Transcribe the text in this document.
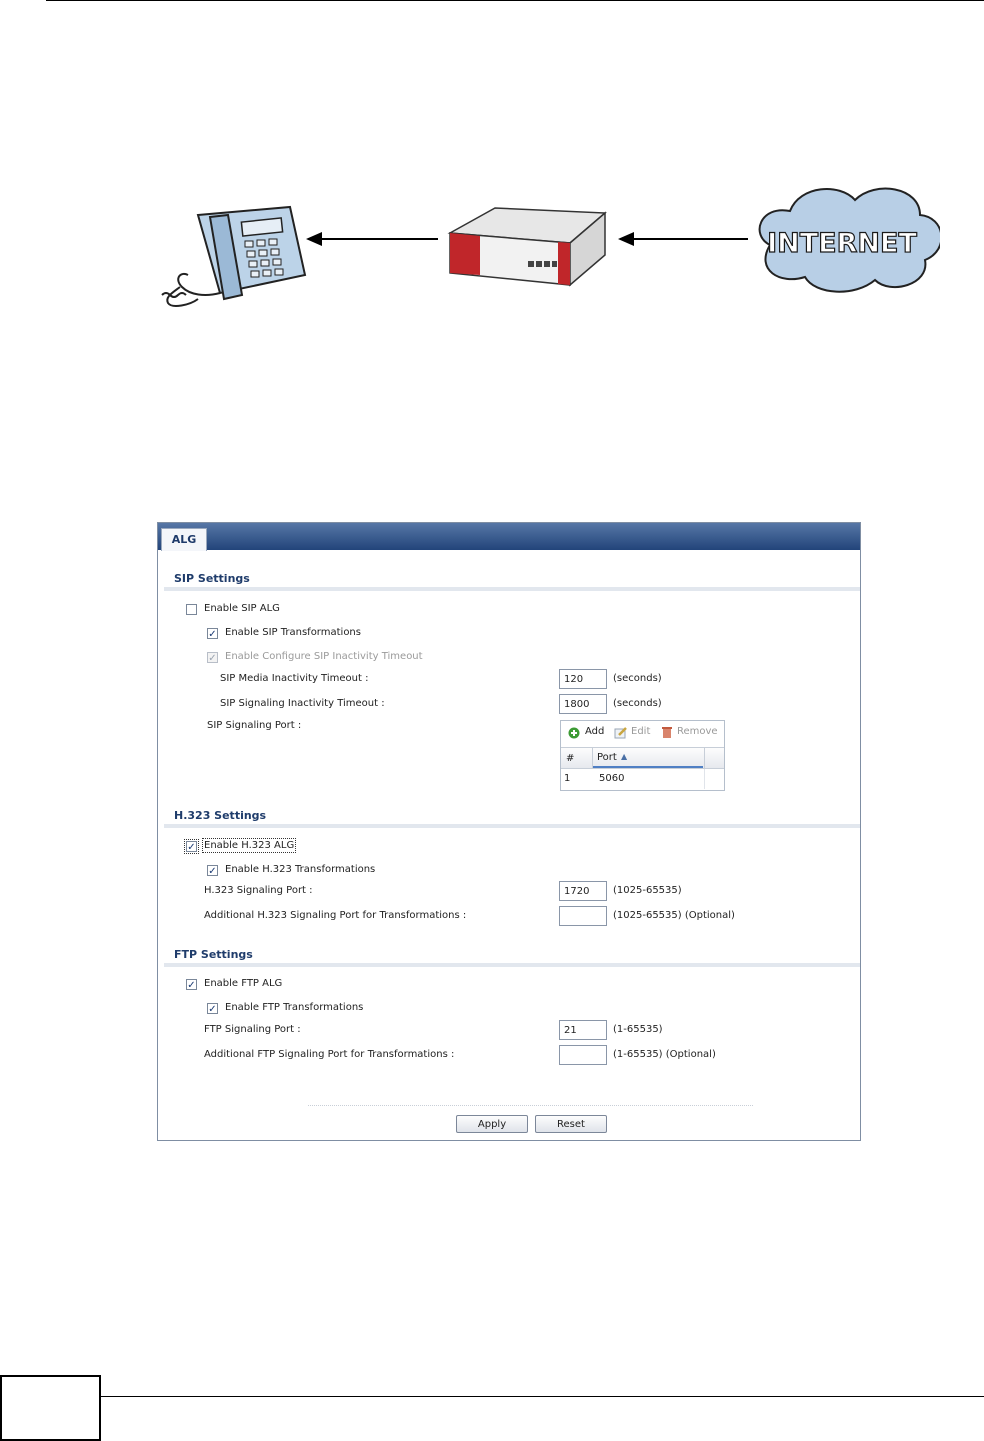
INTERNET
ALG
SIP Settings
Enable SIP ALG
✓ Enable SIP Transformations
✓ Enable Configure SIP Inactivity Timeout
SIP Media Inactivity Timeout :
120	(seconds)
SIP Signaling Inactivity Timeout :
1800	(seconds)
SIP Signaling Port :
Add	Edit	Remove
# Port ▲
1	5060
H.323 Settings
✓ Enable H.323 ALG
✓ Enable H.323 Transformations
H.323 Signaling Port :
1720	(1025-65535)
Additional H.323 Signaling Port for Transformations :	(1025-65535) (Optional)
FTP Settings
✓ Enable FTP ALG
✓ Enable FTP Transformations
FTP Signaling Port :
21	(1-65535)
Additional FTP Signaling Port for Transformations :	(1-65535) (Optional)
Apply	Reset
